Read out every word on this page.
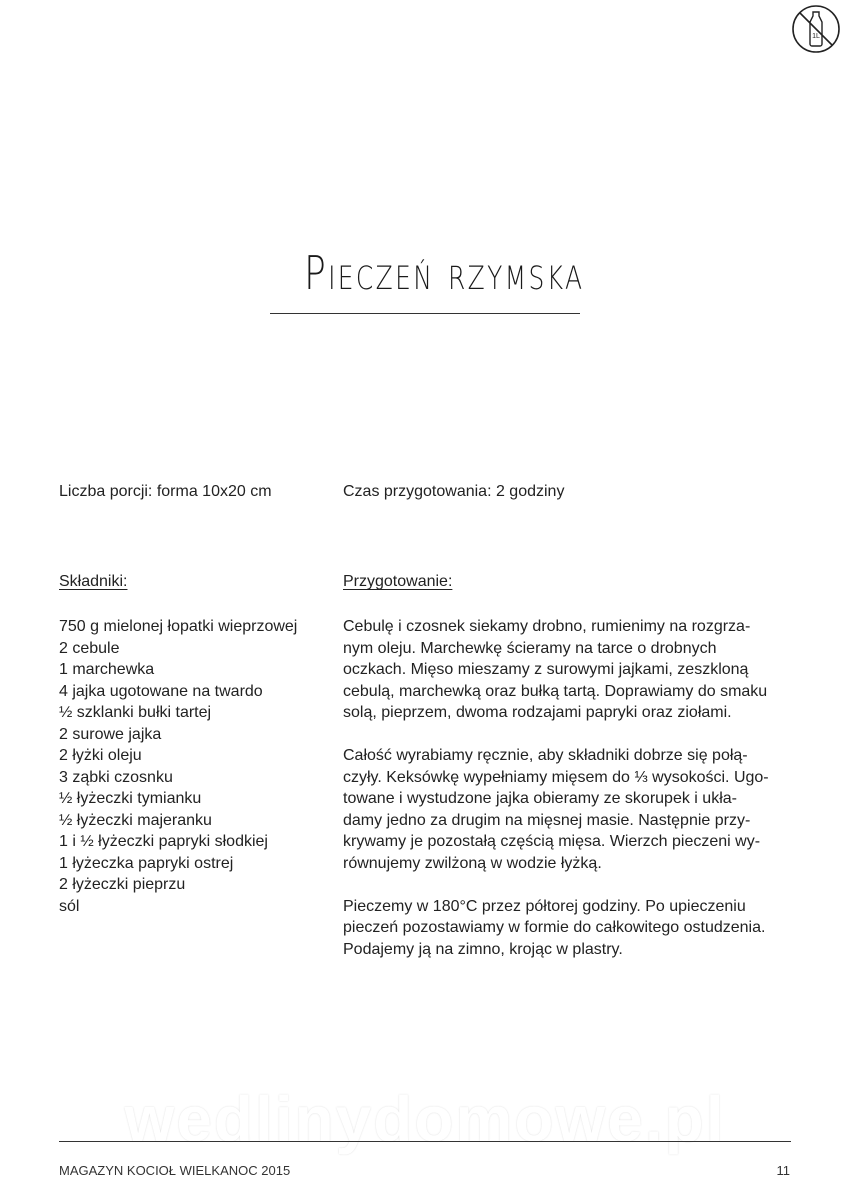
1L
Pieczeń rzymska
Liczba porcji: forma 10x20 cm	Czas przygotowania: 2 godziny
Składniki:	Przygotowanie:
750 g mielonej łopatki wieprzowej
2 cebule
1 marchewka
4 jajka ugotowane na twardo
½ szklanki bułki tartej
2 surowe jajka
2 łyżki oleju
3 ząbki czosnku
½ łyżeczki tymianku
½ łyżeczki majeranku
1 i ½ łyżeczki papryki słodkiej
1 łyżeczka papryki ostrej
2 łyżeczki pieprzu
sól
Cebulę i czosnek siekamy drobno, rumienimy na rozgrza-
nym oleju. Marchewkę ścieramy na tarce o drobnych
oczkach. Mięso mieszamy z surowymi jajkami, zeszkloną
cebulą, marchewką oraz bułką tartą. Doprawiamy do smaku
solą, pieprzem, dwoma rodzajami papryki oraz ziołami.
Całość wyrabiamy ręcznie, aby składniki dobrze się połą-
czyły. Keksówkę wypełniamy mięsem do ⅓ wysokości. Ugo-
towane i wystudzone jajka obieramy ze skorupek i ukła-
damy jedno za drugim na mięsnej masie. Następnie przy-
krywamy je pozostałą częścią mięsa. Wierzch pieczeni wy-
równujemy zwilżoną w wodzie łyżką.
Pieczemy w 180°C przez półtorej godziny. Po upieczeniu
pieczeń pozostawiamy w formie do całkowitego ostudzenia.
Podajemy ją na zimno, krojąc w plastry.
wedlinydomowe.pl
MAGAZYN KOCIOŁ WIELKANOC 2015	11
